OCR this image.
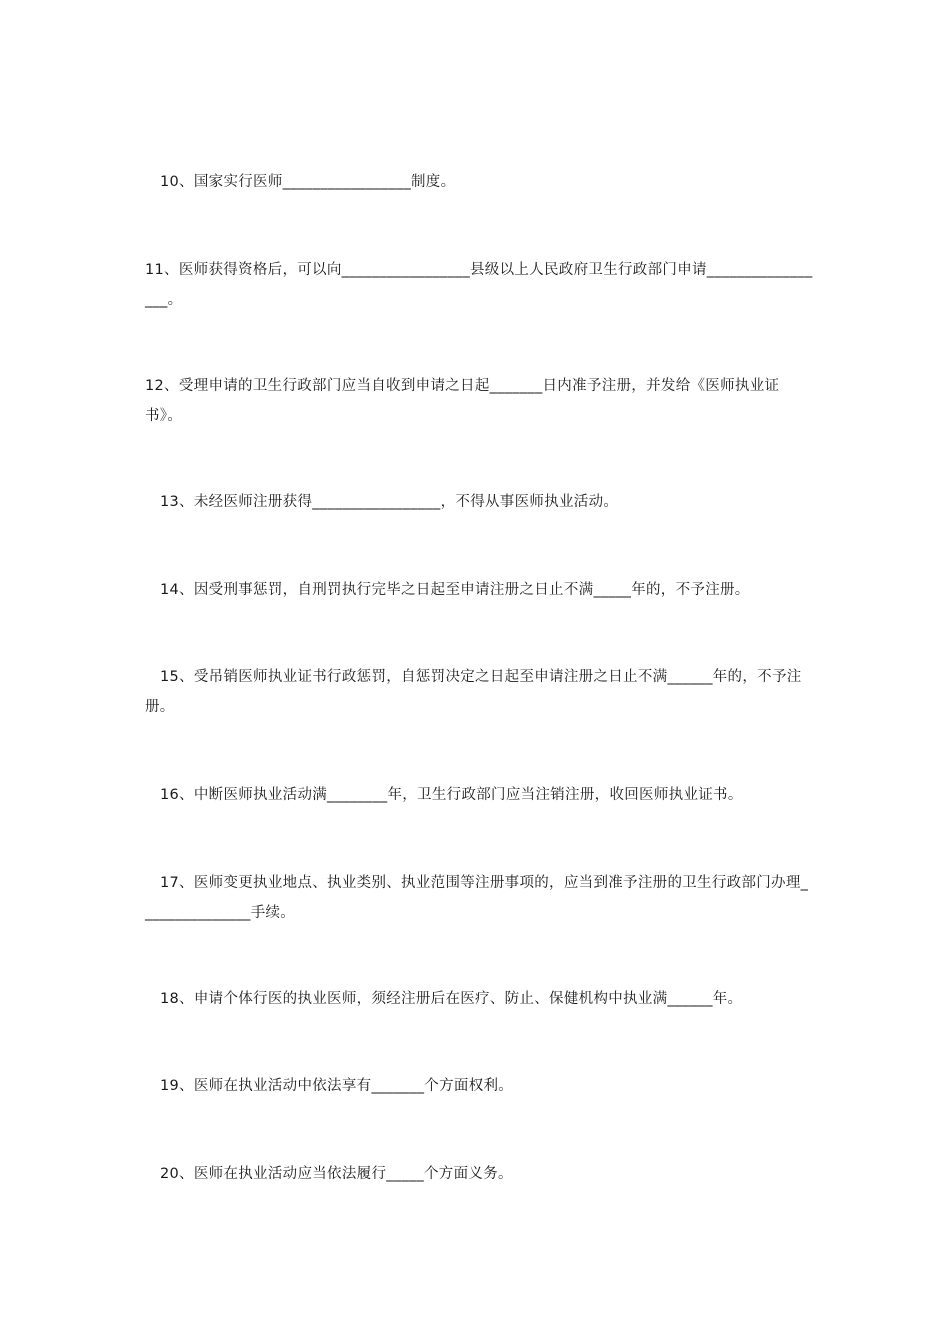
10、国家实行医师_________________制度。
11、医师获得资格后，可以向_________________县级以上人民政府卫生行政部门申请_________________。
12、受理申请的卫生行政部门应当自收到申请之日起_______日内准予注册，并发给《医师执业证书》。
13、未经医师注册获得_________________，不得从事医师执业活动。
14、因受刑事惩罚，自刑罚执行完毕之日起至申请注册之日止不满_____年的，不予注册。
15、受吊销医师执业证书行政惩罚，自惩罚决定之日起至申请注册之日止不满______年的，不予注册。
16、中断医师执业活动满________年，卫生行政部门应当注销注册，收回医师执业证书。
17、医师变更执业地点、执业类别、执业范围等注册事项的，应当到准予注册的卫生行政部门办理_______________手续。
18、申请个体行医的执业医师，须经注册后在医疗、防止、保健机构中执业满______年。
19、医师在执业活动中依法享有_______个方面权利。
20、医师在执业活动应当依法履行_____个方面义务。
